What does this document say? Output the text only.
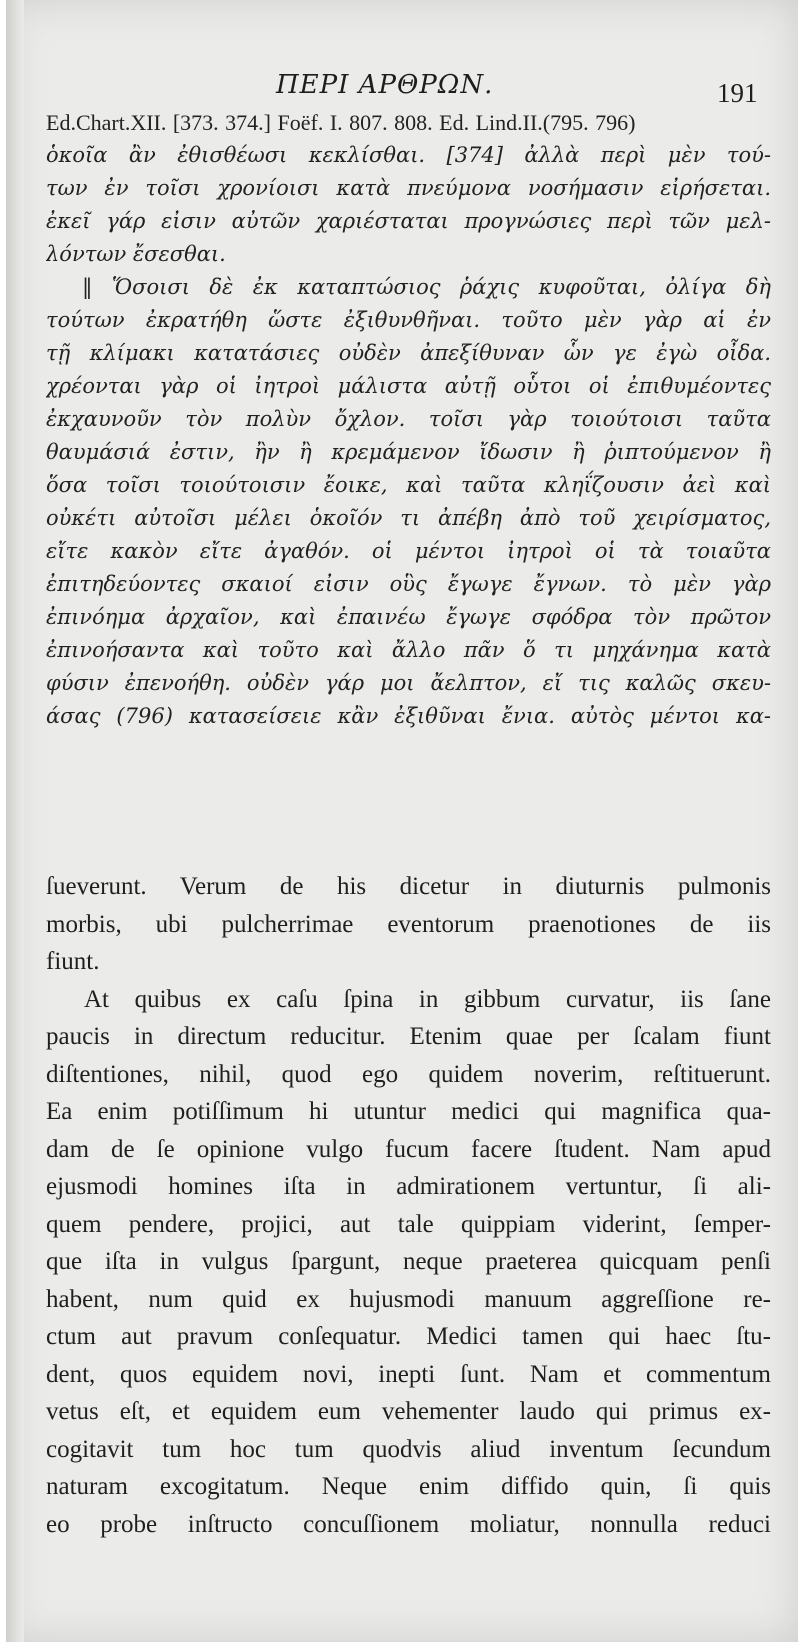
ΠΕΡΙ ΑΡΘΡΩΝ.	191
Ed.Chart.XII. [373. 374.] Foëf. I. 807. 808. Ed. Lind.II.(795. 796)
ὁκοῖα ἂν ἐθισθέωσι κεκλίσθαι. [374] ἀλλὰ περὶ μὲν τού-
των ἐν τοῖσι χρονίοισι κατὰ πνεύμονα νοσήμασιν εἰρήσεται.
ἐκεῖ γάρ εἰσιν αὐτῶν χαριέσταται προγνώσιες περὶ τῶν μελ-
λόντων ἔσεσθαι.
‖ Ὅσοισι δὲ ἐκ καταπτώσιος ῥάχις κυφοῦται, ὀλίγα δὴ
τούτων ἐκρατήθη ὥστε ἐξιθυνθῆναι. τοῦτο μὲν γὰρ αἱ ἐν
τῇ κλίμακι κατατάσιες οὐδὲν ἀπεξίθυναν ὧν γε ἐγὼ οἶδα.
χρέονται γὰρ οἱ ἰητροὶ μάλιστα αὐτῇ οὗτοι οἱ ἐπιθυμέοντες
ἐκχαυνοῦν τὸν πολὺν ὄχλον. τοῖσι γὰρ τοιούτοισι ταῦτα
θαυμάσιά ἐστιν, ἢν ἢ κρεμάμενον ἴδωσιν ἢ ῥιπτούμενον ἢ
ὅσα τοῖσι τοιούτοισιν ἔοικε, καὶ ταῦτα κληΐζουσιν ἀεὶ καὶ
οὐκέτι αὐτοῖσι μέλει ὁκοῖόν τι ἀπέβη ἀπὸ τοῦ χειρίσματος,
εἴτε κακὸν εἴτε ἀγαθόν. οἱ μέντοι ἰητροὶ οἱ τὰ τοιαῦτα
ἐπιτηδεύοντες σκαιοί εἰσιν οὓς ἔγωγε ἔγνων. τὸ μὲν γὰρ
ἐπινόημα ἀρχαῖον, καὶ ἐπαινέω ἔγωγε σφόδρα τὸν πρῶτον
ἐπινοήσαντα καὶ τοῦτο καὶ ἄλλο πᾶν ὅ τι μηχάνημα κατὰ
φύσιν ἐπενοήθη. οὐδὲν γάρ μοι ἄελπτον, εἴ τις καλῶς σκευ-
άσας (796) κατασείσειε κἂν ἐξιθῦναι ἔνια. αὐτὸς μέντοι κα-
ſueverunt. Verum de his dicetur in diuturnis pulmonis
morbis, ubi pulcherrimae eventorum praenotiones de iis
fiunt.
At quibus ex caſu ſpina in gibbum curvatur, iis ſane
paucis in directum reducitur. Etenim quae per ſcalam fiunt
diſtentiones, nihil, quod ego quidem noverim, reſtituerunt.
Ea enim potiſſimum hi utuntur medici qui magnifica qua-
dam de ſe opinione vulgo fucum facere ſtudent. Nam apud
ejusmodi homines iſta in admirationem vertuntur, ſi ali-
quem pendere, projici, aut tale quippiam viderint, ſemper-
que iſta in vulgus ſpargunt, neque praeterea quicquam penſi
habent, num quid ex hujusmodi manuum aggreſſione re-
ctum aut pravum conſequatur. Medici tamen qui haec ſtu-
dent, quos equidem novi, inepti ſunt. Nam et commentum
vetus eſt, et equidem eum vehementer laudo qui primus ex-
cogitavit tum hoc tum quodvis aliud inventum ſecundum
naturam excogitatum. Neque enim diffido quin, ſi quis
eo probe inſtructo concuſſionem moliatur, nonnulla reduci
